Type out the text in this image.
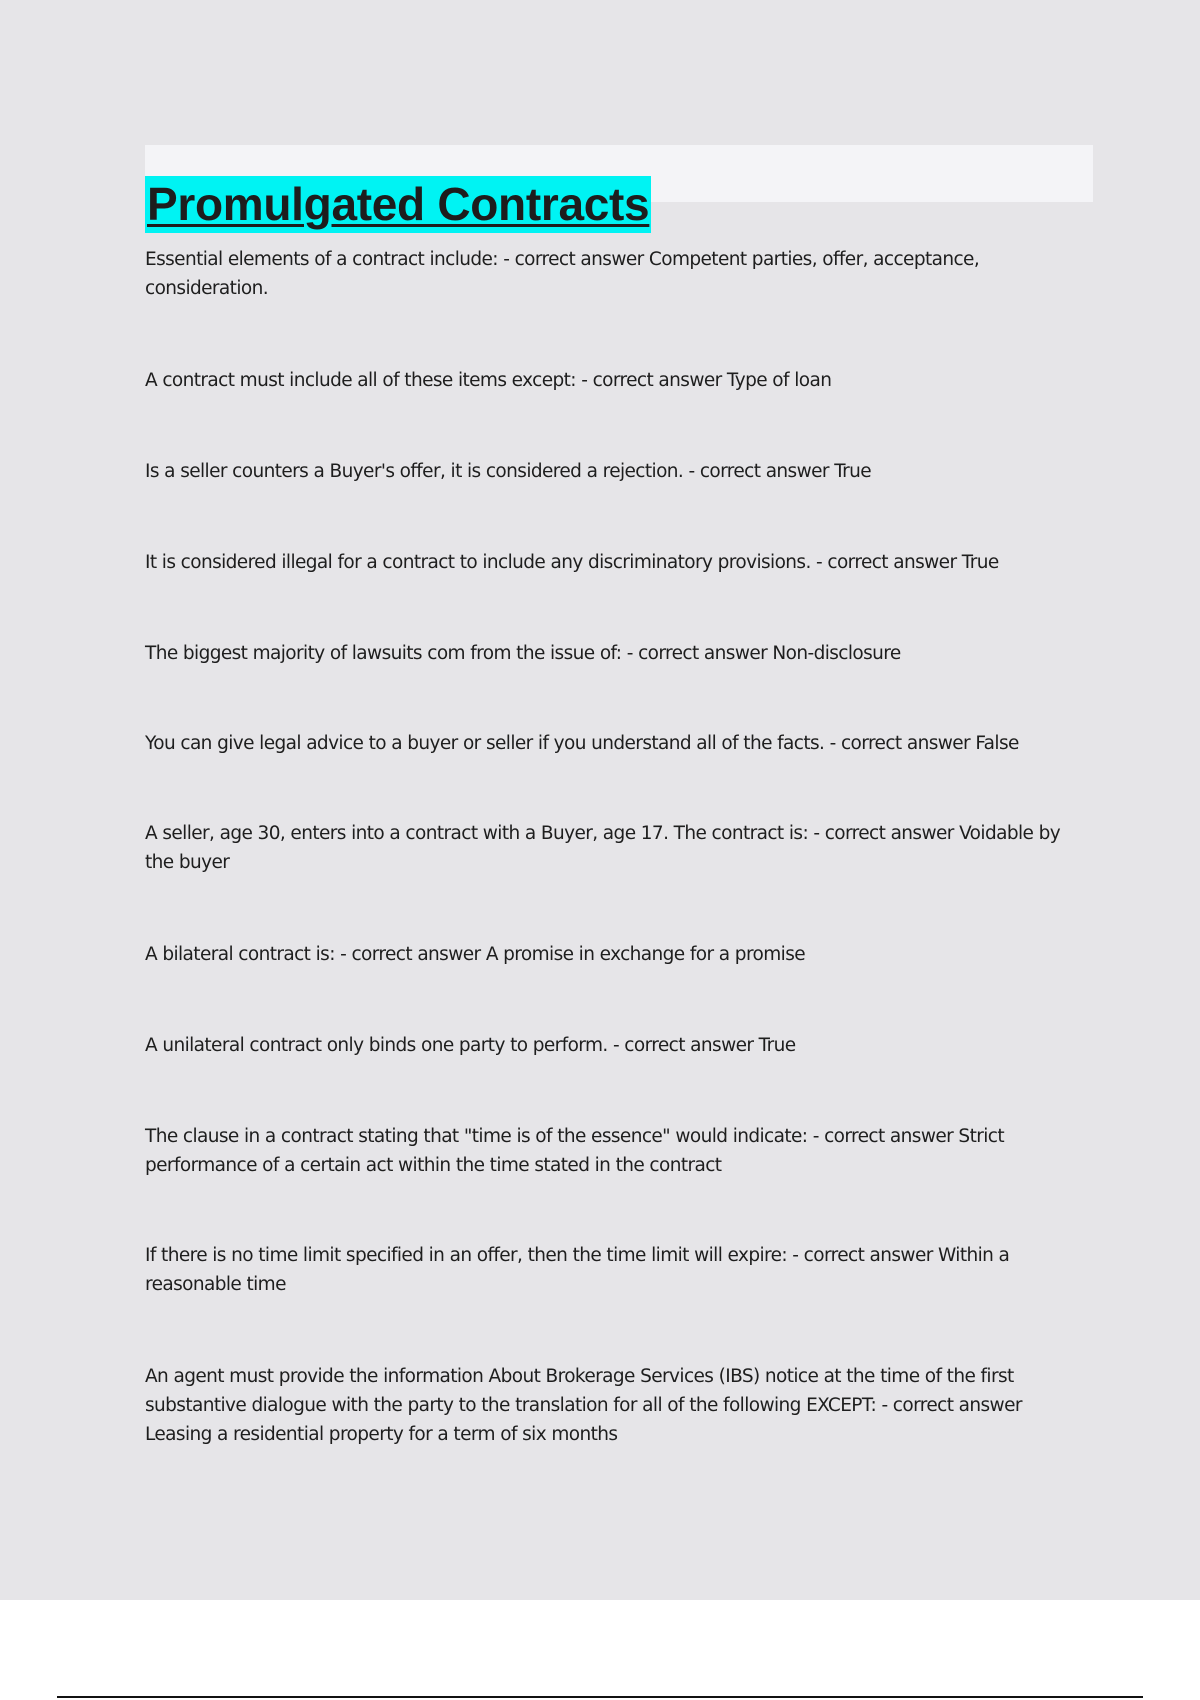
Promulgated Contracts

Essential elements of a contract include: - correct answer Competent parties, offer, acceptance, consideration.

A contract must include all of these items except: - correct answer Type of loan

Is a seller counters a Buyer's offer, it is considered a rejection. - correct answer True

It is considered illegal for a contract to include any discriminatory provisions. - correct answer True

The biggest majority of lawsuits com from the issue of: - correct answer Non-disclosure

You can give legal advice to a buyer or seller if you understand all of the facts. - correct answer False

A seller, age 30, enters into a contract with a Buyer, age 17. The contract is: - correct answer Voidable by the buyer

A bilateral contract is: - correct answer A promise in exchange for a promise

A unilateral contract only binds one party to perform. - correct answer True

The clause in a contract stating that "time is of the essence" would indicate: - correct answer Strict performance of a certain act within the time stated in the contract

If there is no time limit specified in an offer, then the time limit will expire: - correct answer Within a reasonable time

An agent must provide the information About Brokerage Services (IBS) notice at the time of the first substantive dialogue with the party to the translation for all of the following EXCEPT: - correct answer Leasing a residential property for a term of six months
